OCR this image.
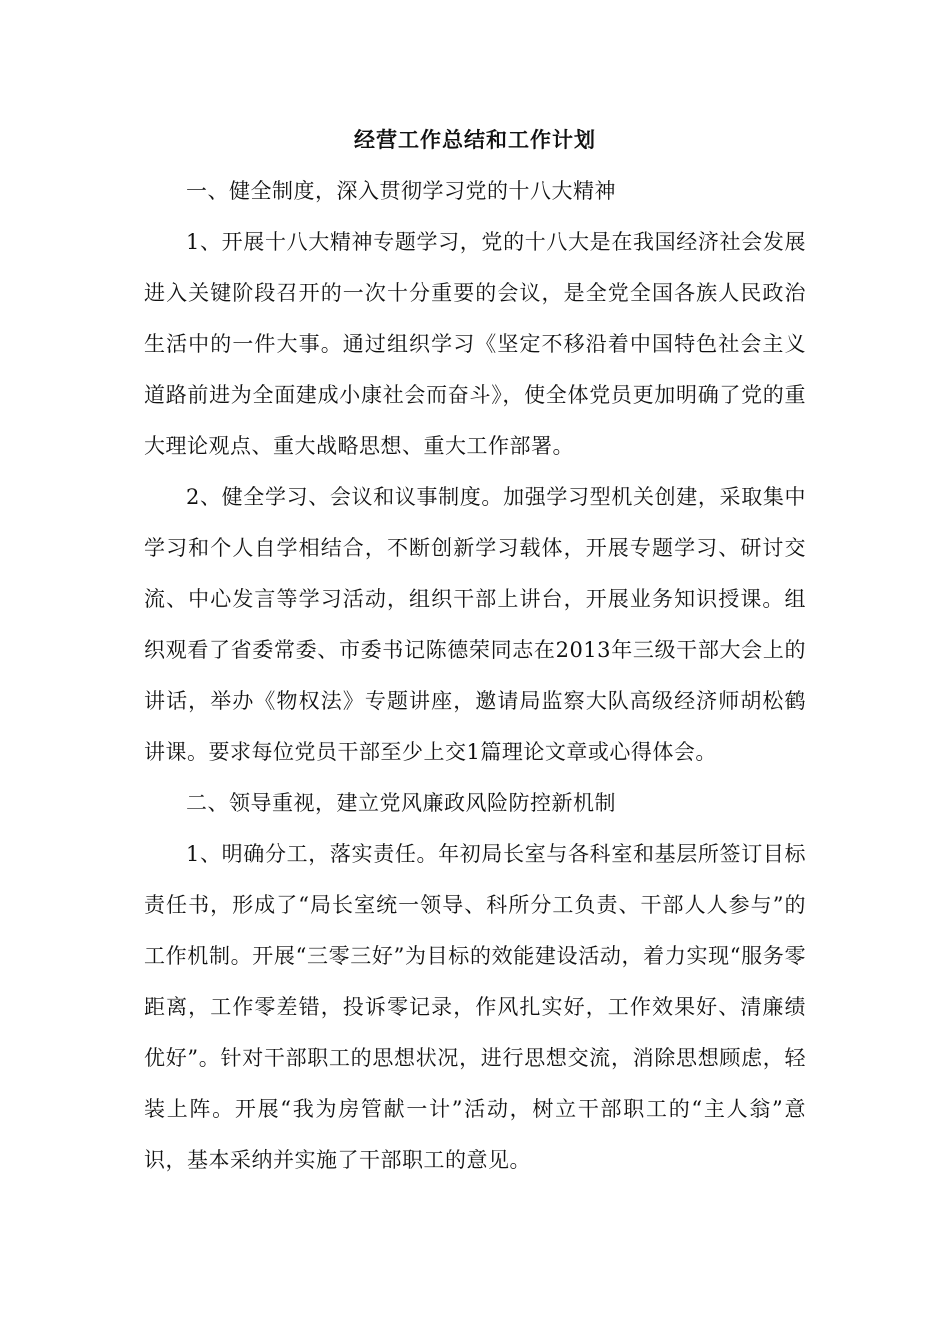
经营工作总结和工作计划

一、健全制度，深入贯彻学习党的十八大精神

1、开展十八大精神专题学习，党的十八大是在我国经济社会发展进入关键阶段召开的一次十分重要的会议，是全党全国各族人民政治生活中的一件大事。通过组织学习《坚定不移沿着中国特色社会主义道路前进为全面建成小康社会而奋斗》，使全体党员更加明确了党的重大理论观点、重大战略思想、重大工作部署。

2、健全学习、会议和议事制度。加强学习型机关创建，采取集中学习和个人自学相结合，不断创新学习载体，开展专题学习、研讨交流、中心发言等学习活动，组织干部上讲台，开展业务知识授课。组织观看了省委常委、市委书记陈德荣同志在2013年三级干部大会上的讲话，举办《物权法》专题讲座，邀请局监察大队高级经济师胡松鹤讲课。要求每位党员干部至少上交1篇理论文章或心得体会。

二、领导重视，建立党风廉政风险防控新机制

1、明确分工，落实责任。年初局长室与各科室和基层所签订目标责任书，形成了“局长室统一领导、科所分工负责、干部人人参与”的工作机制。开展“三零三好”为目标的效能建设活动，着力实现“服务零距离，工作零差错，投诉零记录，作风扎实好，工作效果好、清廉绩优好”。针对干部职工的思想状况，进行思想交流，消除思想顾虑，轻装上阵。开展“我为房管献一计”活动，树立干部职工的“主人翁”意识，基本采纳并实施了干部职工的意见。
